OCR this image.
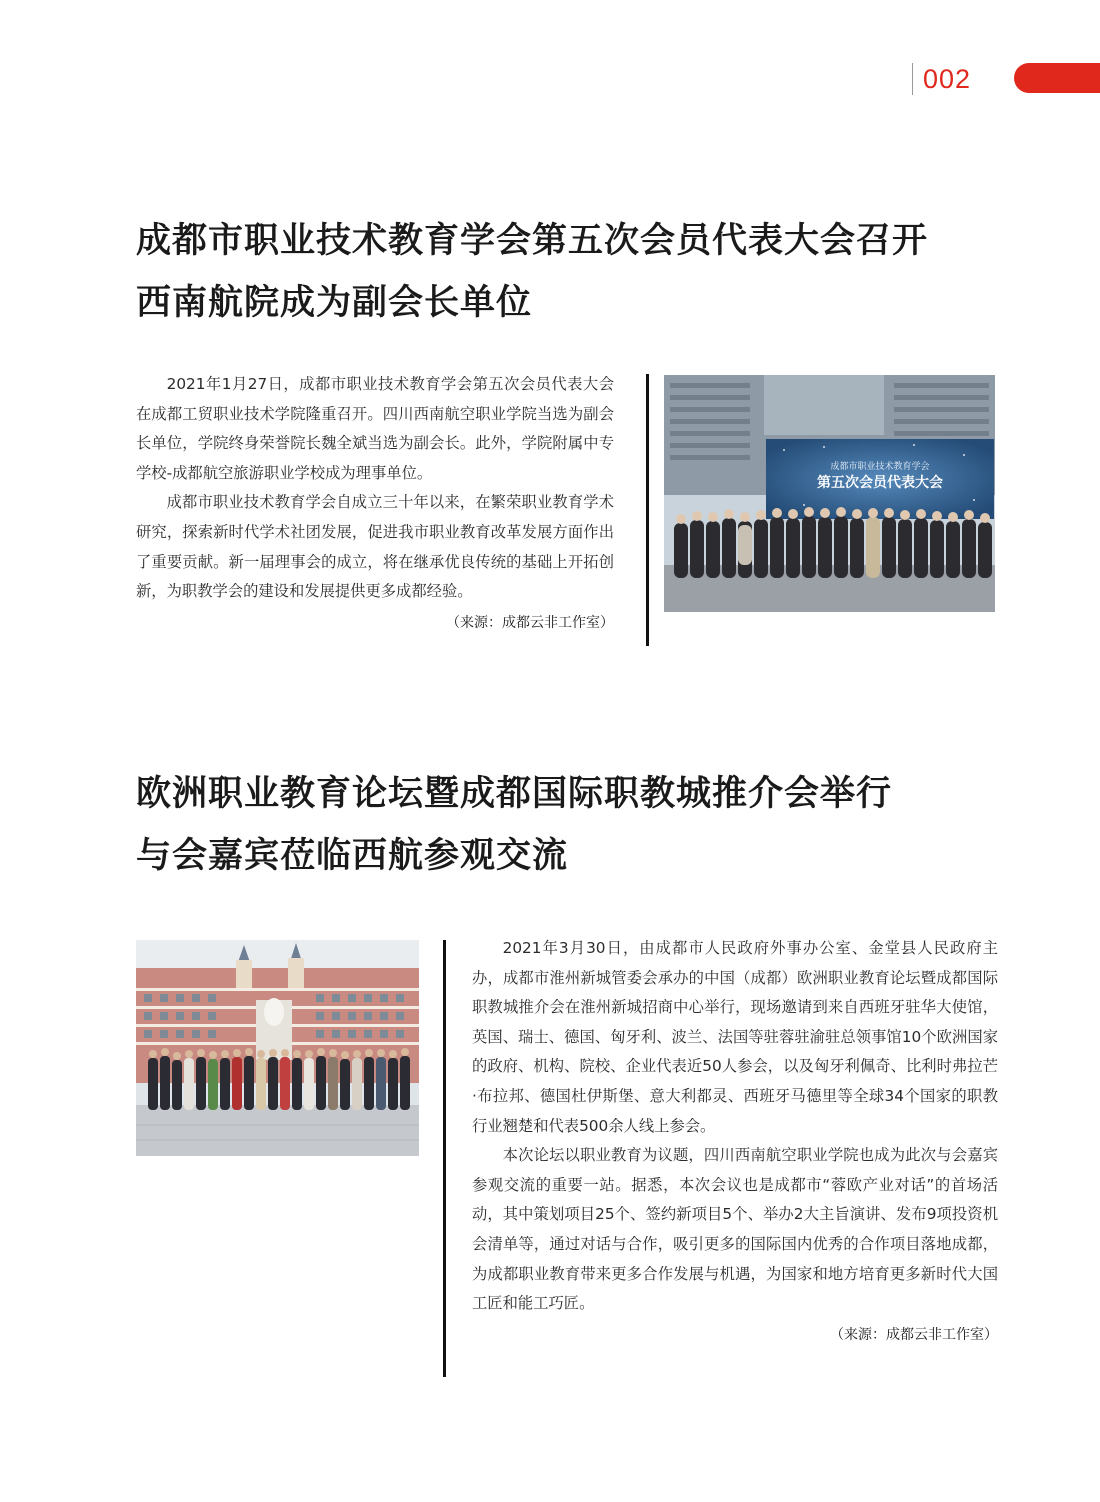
002
成都市职业技术教育学会第五次会员代表大会召开
西南航院成为副会长单位

2021年1月27日，成都市职业技术教育学会第五次会员代表大会在成都工贸职业技术学院隆重召开。四川西南航空职业学院当选为副会长单位，学院终身荣誉院长魏全斌当选为副会长。此外，学院附属中专学校-成都航空旅游职业学校成为理事单位。

成都市职业技术教育学会自成立三十年以来，在繁荣职业教育学术研究，探索新时代学术社团发展，促进我市职业教育改革发展方面作出了重要贡献。新一届理事会的成立，将在继承优良传统的基础上开拓创新，为职教学会的建设和发展提供更多成都经验。

（来源：成都云非工作室）
成都市职业技术教育学会
第五次会员代表大会
欧洲职业教育论坛暨成都国际职教城推介会举行
与会嘉宾莅临西航参观交流

2021年3月30日，由成都市人民政府外事办公室、金堂县人民政府主办，成都市淮州新城管委会承办的中国（成都）欧洲职业教育论坛暨成都国际职教城推介会在淮州新城招商中心举行，现场邀请到来自西班牙驻华大使馆，英国、瑞士、德国、匈牙利、波兰、法国等驻蓉驻渝驻总领事馆10个欧洲国家的政府、机构、院校、企业代表近50人参会，以及匈牙利佩奇、比利时弗拉芒·布拉邦、德国杜伊斯堡、意大利都灵、西班牙马德里等全球34个国家的职教行业翘楚和代表500余人线上参会。

本次论坛以职业教育为议题，四川西南航空职业学院也成为此次与会嘉宾参观交流的重要一站。据悉，本次会议也是成都市“蓉欧产业对话”的首场活动，其中策划项目25个、签约新项目5个、举办2大主旨演讲、发布9项投资机会清单等，通过对话与合作，吸引更多的国际国内优秀的合作项目落地成都，为成都职业教育带来更多合作发展与机遇，为国家和地方培育更多新时代大国工匠和能工巧匠。

（来源：成都云非工作室）
